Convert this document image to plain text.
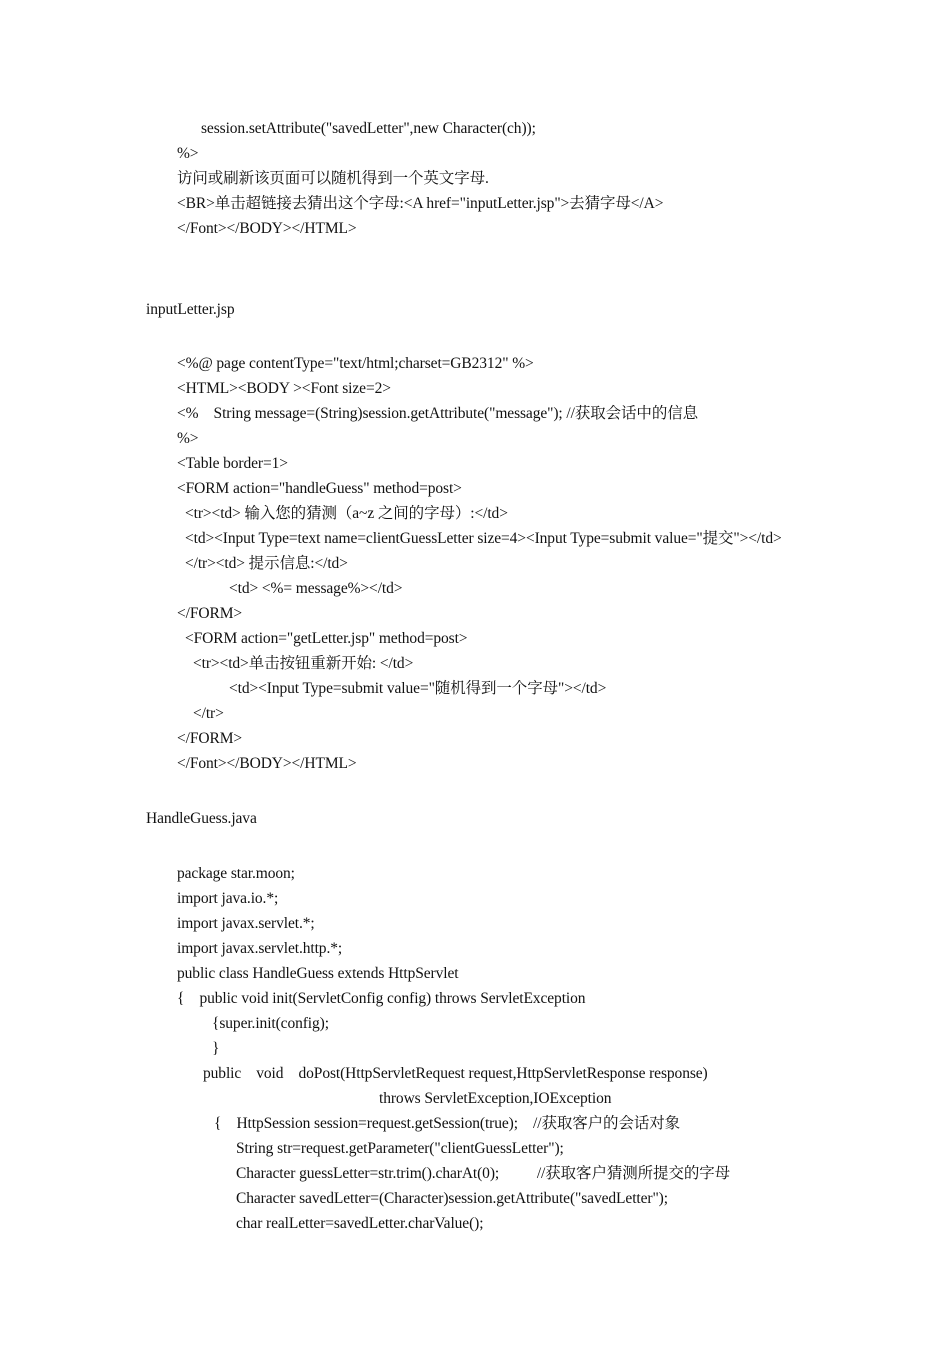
session.setAttribute("savedLetter",new Character(ch));
%>
访问或刷新该页面可以随机得到一个英文字母.
<BR>单击超链接去猜出这个字母:<A href="inputLetter.jsp">去猜字母</A>
</Font></BODY></HTML>
inputLetter.jsp
<%@ page contentType="text/html;charset=GB2312" %>
<HTML><BODY ><Font size=2>
<%    String message=(String)session.getAttribute("message"); //获取会话中的信息
%>
<Table border=1>
<FORM action="handleGuess" method=post>
<tr><td> 输入您的猜测（a~z 之间的字母）:</td>
<td><Input Type=text name=clientGuessLetter size=4><Input Type=submit value="提交"></td>
</tr><td> 提示信息:</td>
<td> <%= message%></td>
</FORM>
<FORM action="getLetter.jsp" method=post>
<tr><td>单击按钮重新开始: </td>
<td><Input Type=submit value="随机得到一个字母"></td>
</tr>
</FORM>
</Font></BODY></HTML>
HandleGuess.java
package star.moon;
import java.io.*;
import javax.servlet.*;
import javax.servlet.http.*;
public class HandleGuess extends HttpServlet
{    public void init(ServletConfig config) throws ServletException
{super.init(config);
}
public    void    doPost(HttpServletRequest request,HttpServletResponse response)
throws ServletException,IOException
{    HttpSession session=request.getSession(true);    //获取客户的会话对象
String str=request.getParameter("clientGuessLetter");
Character guessLetter=str.trim().charAt(0);          //获取客户猜测所提交的字母
Character savedLetter=(Character)session.getAttribute("savedLetter");
char realLetter=savedLetter.charValue();
